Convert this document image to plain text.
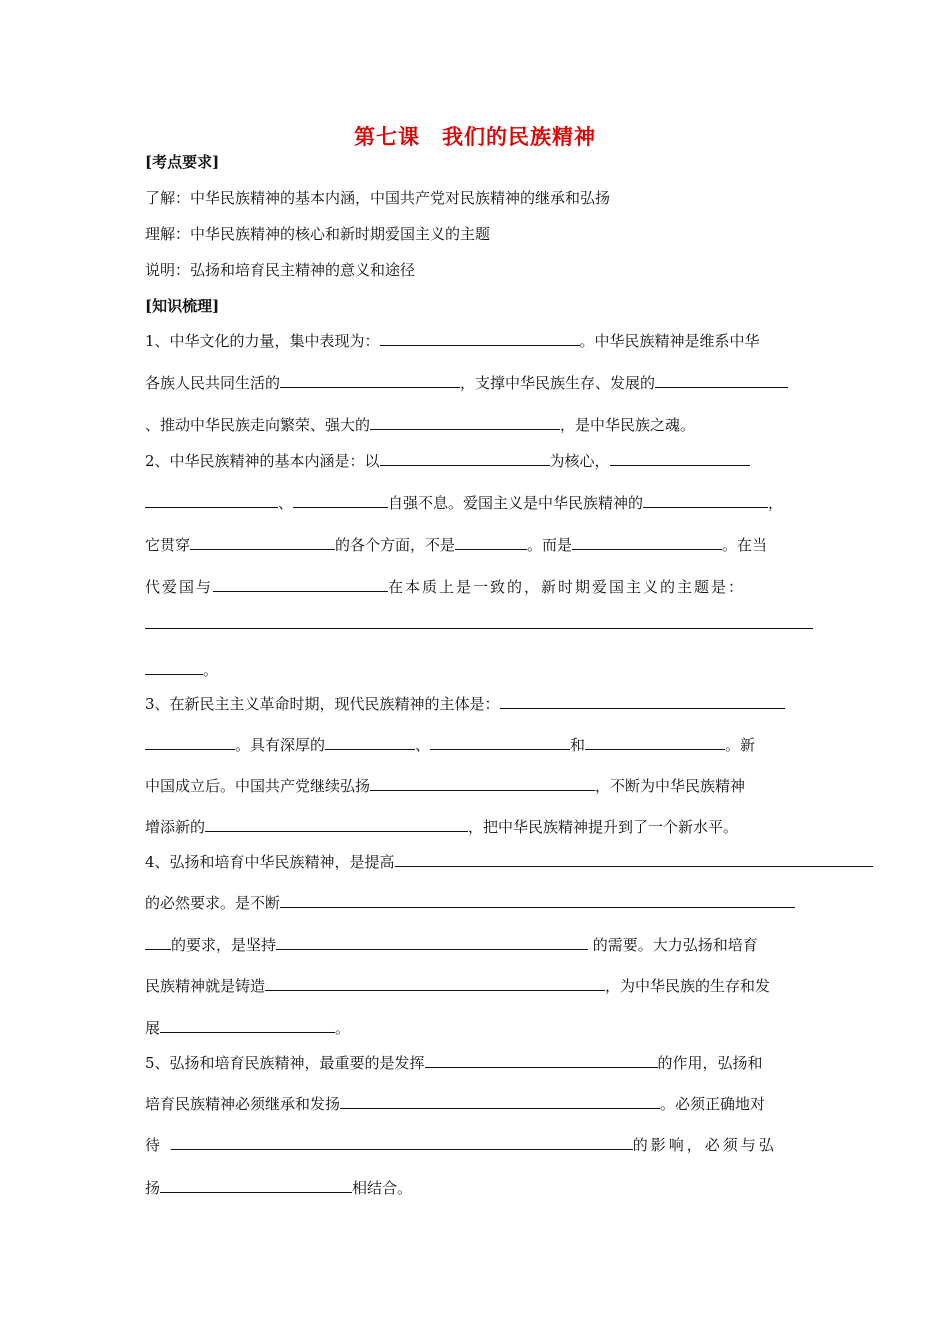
第七课　我们的民族精神
[考点要求]
了解：中华民族精神的基本内涵，中国共产党对民族精神的继承和弘扬
理解：中华民族精神的核心和新时期爱国主义的主题
说明：弘扬和培育民主精神的意义和途径
[知识梳理]
1、中华文化的力量，集中表现为：	。中华民族精神是维系中华
各族人民共同生活的	，支撑中华民族生存、发展的
、推动中华民族走向繁荣、强大的	，是中华民族之魂。
2、中华民族精神的基本内涵是：以	为核心，
、	自强不息。爱国主义是中华民族精神的	，
它贯穿	的各个方面，不是	。而是	。在当
代爱国与	在本质上是一致的，新时期爱国主义的主题是：
。
3、在新民主主义革命时期，现代民族精神的主体是：
。具有深厚的	、	和	。新
中国成立后。中国共产党继续弘扬	，不断为中华民族精神
增添新的	，把中华民族精神提升到了一个新水平。
4、弘扬和培育中华民族精神，是提高
的必然要求。是不断
的要求，是坚持	的需要。大力弘扬和培育
民族精神就是铸造	，为中华民族的生存和发
展	。
5、弘扬和培育民族精神，最重要的是发挥	的作用，弘扬和
培育民族精神必须继承和发扬	。必须正确地对
待	的影响，必须与弘
扬	相结合。
